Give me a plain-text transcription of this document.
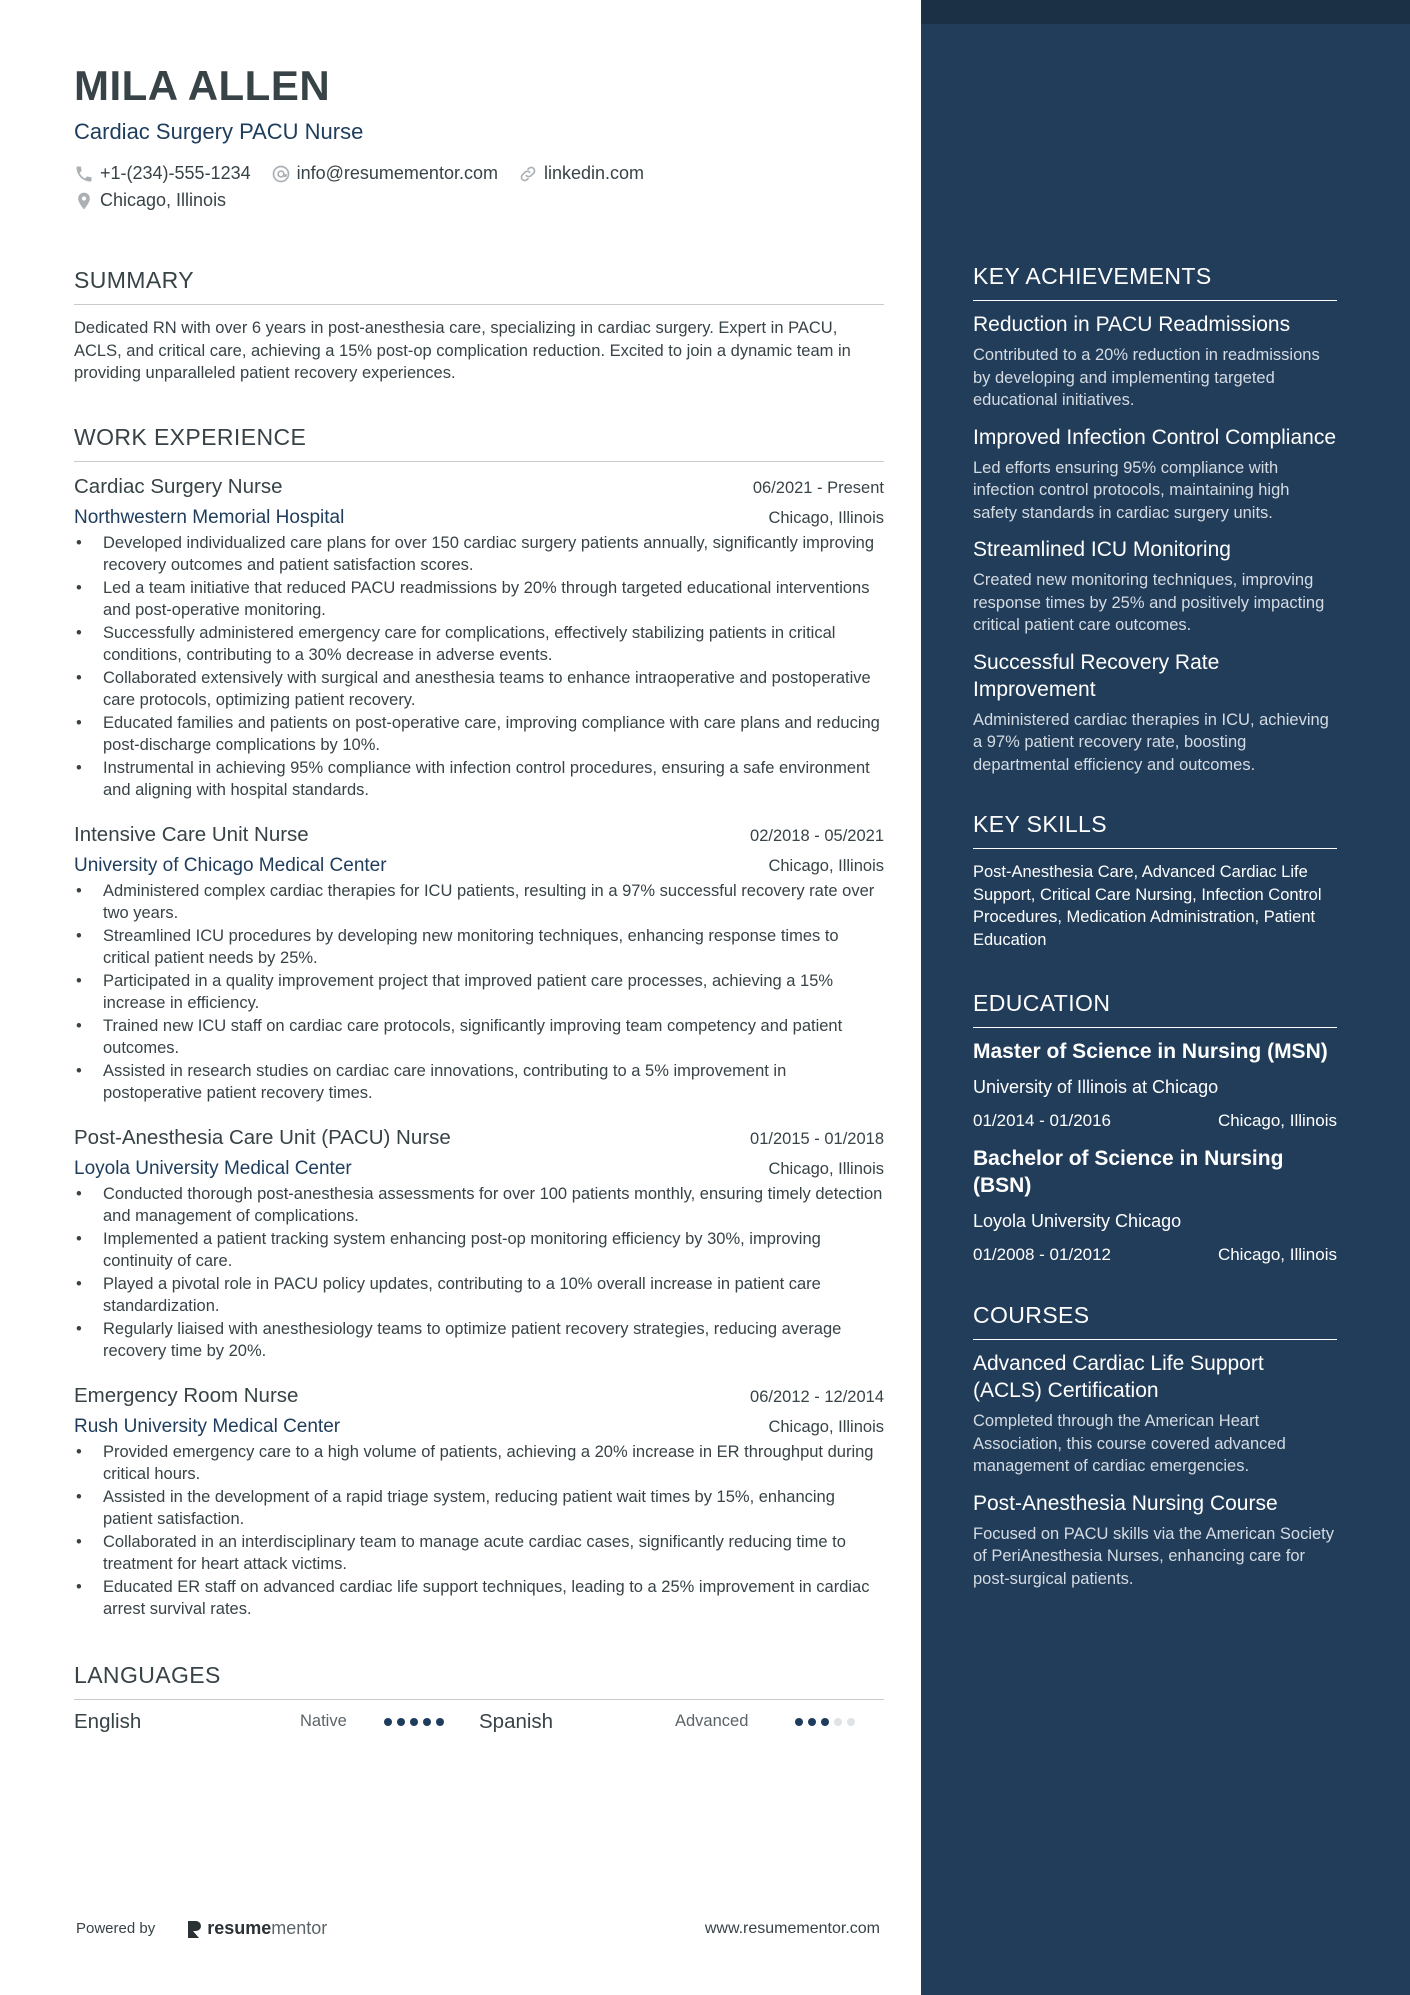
MILA ALLEN
Cardiac Surgery PACU Nurse
+1-(234)-555-1234	info@resumementor.com	linkedin.com
Chicago, Illinois
SUMMARY
Dedicated RN with over 6 years in post-anesthesia care, specializing in cardiac surgery. Expert in PACU, ACLS, and critical care, achieving a 15% post-op complication reduction. Excited to join a dynamic team in providing unparalleled patient recovery experiences.
WORK EXPERIENCE
Cardiac Surgery Nurse	06/2021 - Present
Northwestern Memorial Hospital	Chicago, Illinois
• Developed individualized care plans for over 150 cardiac surgery patients annually, significantly improving recovery outcomes and patient satisfaction scores.
• Led a team initiative that reduced PACU readmissions by 20% through targeted educational interventions and post-operative monitoring.
• Successfully administered emergency care for complications, effectively stabilizing patients in critical conditions, contributing to a 30% decrease in adverse events.
• Collaborated extensively with surgical and anesthesia teams to enhance intraoperative and postoperative care protocols, optimizing patient recovery.
• Educated families and patients on post-operative care, improving compliance with care plans and reducing post-discharge complications by 10%.
• Instrumental in achieving 95% compliance with infection control procedures, ensuring a safe environment and aligning with hospital standards.
Intensive Care Unit Nurse	02/2018 - 05/2021
University of Chicago Medical Center	Chicago, Illinois
• Administered complex cardiac therapies for ICU patients, resulting in a 97% successful recovery rate over two years.
• Streamlined ICU procedures by developing new monitoring techniques, enhancing response times to critical patient needs by 25%.
• Participated in a quality improvement project that improved patient care processes, achieving a 15% increase in efficiency.
• Trained new ICU staff on cardiac care protocols, significantly improving team competency and patient outcomes.
• Assisted in research studies on cardiac care innovations, contributing to a 5% improvement in postoperative patient recovery times.
Post-Anesthesia Care Unit (PACU) Nurse	01/2015 - 01/2018
Loyola University Medical Center	Chicago, Illinois
• Conducted thorough post-anesthesia assessments for over 100 patients monthly, ensuring timely detection and management of complications.
• Implemented a patient tracking system enhancing post-op monitoring efficiency by 30%, improving continuity of care.
• Played a pivotal role in PACU policy updates, contributing to a 10% overall increase in patient care standardization.
• Regularly liaised with anesthesiology teams to optimize patient recovery strategies, reducing average recovery time by 20%.
Emergency Room Nurse	06/2012 - 12/2014
Rush University Medical Center	Chicago, Illinois
• Provided emergency care to a high volume of patients, achieving a 20% increase in ER throughput during critical hours.
• Assisted in the development of a rapid triage system, reducing patient wait times by 15%, enhancing patient satisfaction.
• Collaborated in an interdisciplinary team to manage acute cardiac cases, significantly reducing time to treatment for heart attack victims.
• Educated ER staff on advanced cardiac life support techniques, leading to a 25% improvement in cardiac arrest survival rates.
LANGUAGES
English	Native	Spanish	Advanced
Powered by	resume mentor	www.resumementor.com
KEY ACHIEVEMENTS
Reduction in PACU Readmissions
Contributed to a 20% reduction in readmissions by developing and implementing targeted educational initiatives.
Improved Infection Control Compliance
Led efforts ensuring 95% compliance with infection control protocols, maintaining high safety standards in cardiac surgery units.
Streamlined ICU Monitoring
Created new monitoring techniques, improving response times by 25% and positively impacting critical patient care outcomes.
Successful Recovery Rate Improvement
Administered cardiac therapies in ICU, achieving a 97% patient recovery rate, boosting departmental efficiency and outcomes.
KEY SKILLS
Post-Anesthesia Care, Advanced Cardiac Life Support, Critical Care Nursing, Infection Control Procedures, Medication Administration, Patient Education
EDUCATION
Master of Science in Nursing (MSN)
University of Illinois at Chicago
01/2014 - 01/2016	Chicago, Illinois
Bachelor of Science in Nursing (BSN)
Loyola University Chicago
01/2008 - 01/2012	Chicago, Illinois
COURSES
Advanced Cardiac Life Support (ACLS) Certification
Completed through the American Heart Association, this course covered advanced management of cardiac emergencies.
Post-Anesthesia Nursing Course
Focused on PACU skills via the American Society of PeriAnesthesia Nurses, enhancing care for post-surgical patients.
